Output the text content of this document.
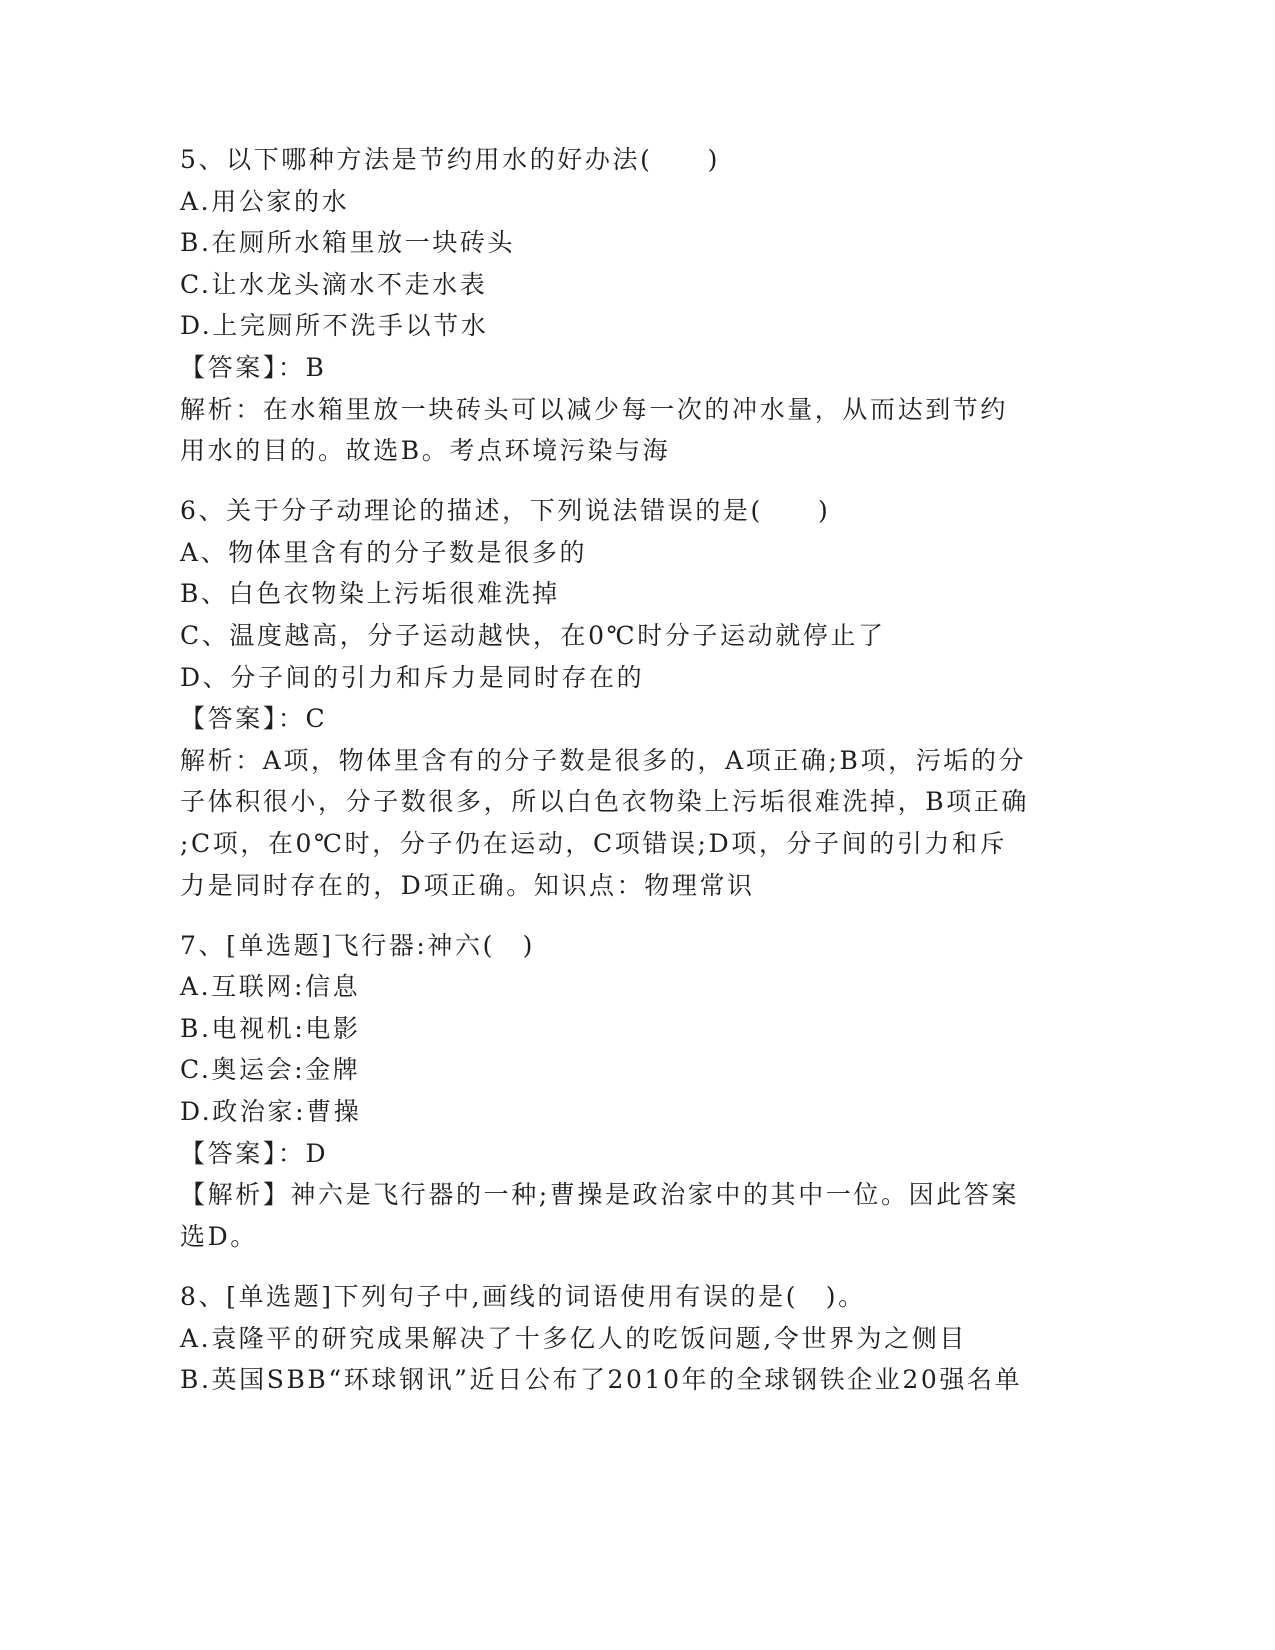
5、以下哪种方法是节约用水的好办法(　　)
A.用公家的水
B.在厕所水箱里放一块砖头
C.让水龙头滴水不走水表
D.上完厕所不洗手以节水
【答案】：B
解析：在水箱里放一块砖头可以减少每一次的冲水量，从而达到节约
用水的目的。故选B。考点环境污染与海
6、关于分子动理论的描述，下列说法错误的是(　　)
A、物体里含有的分子数是很多的
B、白色衣物染上污垢很难洗掉
C、温度越高，分子运动越快，在0℃时分子运动就停止了
D、分子间的引力和斥力是同时存在的
【答案】：C
解析：A项，物体里含有的分子数是很多的，A项正确;B项，污垢的分
子体积很小，分子数很多，所以白色衣物染上污垢很难洗掉，B项正确
;C项，在0℃时，分子仍在运动，C项错误;D项，分子间的引力和斥
力是同时存在的，D项正确。知识点：物理常识
7、[单选题]飞行器:神六(　)
A.互联网:信息
B.电视机:电影
C.奥运会:金牌
D.政治家:曹操
【答案】：D
【解析】神六是飞行器的一种;曹操是政治家中的其中一位。因此答案
选D。
8、[单选题]下列句子中,画线的词语使用有误的是(　)。
A.袁隆平的研究成果解决了十多亿人的吃饭问题,令世界为之侧目
B.英国SBB“环球钢讯”近日公布了2010年的全球钢铁企业20强名单
